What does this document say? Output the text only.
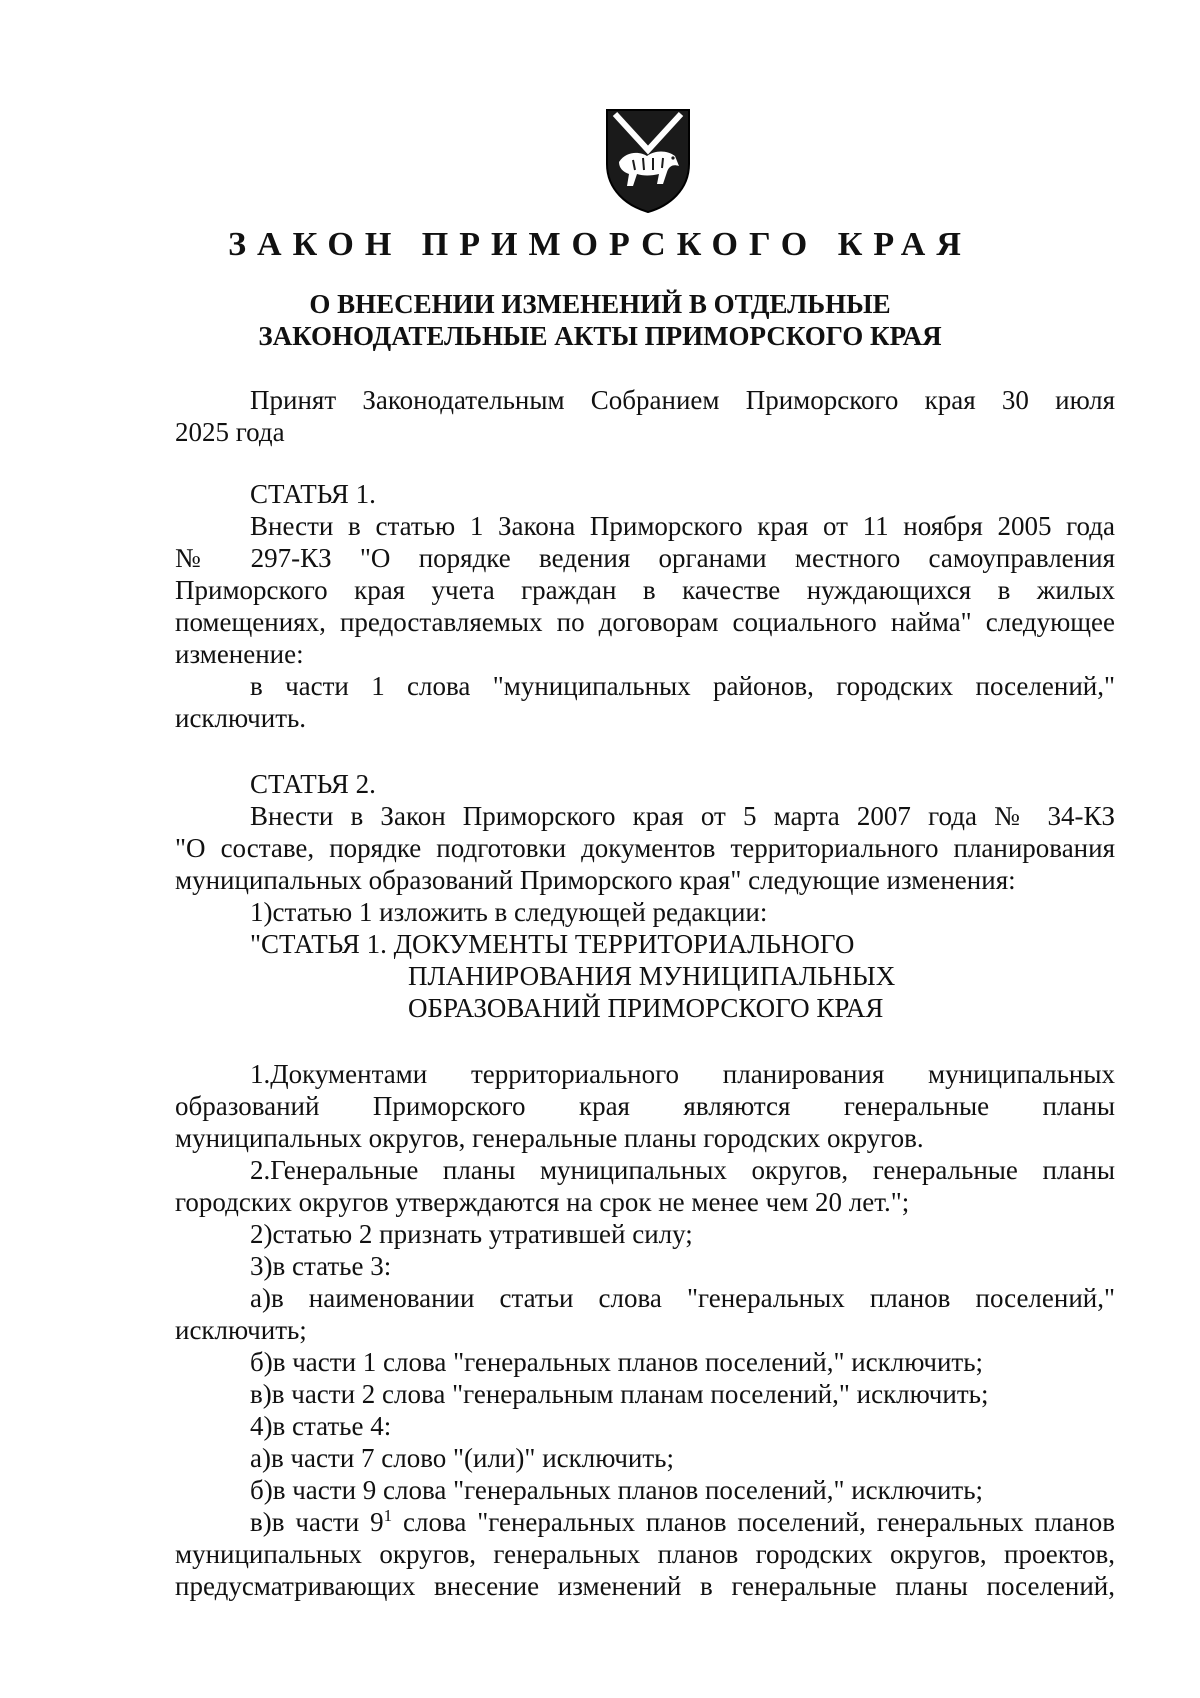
ЗАКОН ПРИМОРСКОГО КРАЯ
О ВНЕСЕНИИ ИЗМЕНЕНИЙ В ОТДЕЛЬНЫЕ
ЗАКОНОДАТЕЛЬНЫЕ АКТЫ ПРИМОРСКОГО КРАЯ

Принят Законодательным Собранием Приморского края 30 июля

2025 года

СТАТЬЯ 1.

Внести в статью 1 Закона Приморского края от 11 ноября 2005 года

№ 297-КЗ "О порядке ведения органами местного самоуправления

Приморского края учета граждан в качестве нуждающихся в жилых

помещениях, предоставляемых по договорам социального найма" следующее

изменение:

в части 1 слова "муниципальных районов, городских поселений,"

исключить.

СТАТЬЯ 2.

Внести в Закон Приморского края от 5 марта 2007 года № 34-КЗ

"О составе, порядке подготовки документов территориального планирования

муниципальных образований Приморского края" следующие изменения:

1)статью 1 изложить в следующей редакции:

"СТАТЬЯ 1. ДОКУМЕНТЫ ТЕРРИТОРИАЛЬНОГО

ПЛАНИРОВАНИЯ МУНИЦИПАЛЬНЫХ

ОБРАЗОВАНИЙ ПРИМОРСКОГО КРАЯ

1.Документами территориального планирования муниципальных

образований Приморского края являются генеральные планы

муниципальных округов, генеральные планы городских округов.

2.Генеральные планы муниципальных округов, генеральные планы

городских округов утверждаются на срок не менее чем 20 лет.";

2)статью 2 признать утратившей силу;

3)в статье 3:

а)в наименовании статьи слова "генеральных планов поселений,"

исключить;

б)в части 1 слова "генеральных планов поселений," исключить;

в)в части 2 слова "генеральным планам поселений," исключить;

4)в статье 4:

а)в части 7 слово "(или)" исключить;

б)в части 9 слова "генеральных планов поселений," исключить;

в)в части $9^1$ слова "генеральных планов поселений, генеральных планов

муниципальных округов, генеральных планов городских округов, проектов,

предусматривающих внесение изменений в генеральные планы поселений,
